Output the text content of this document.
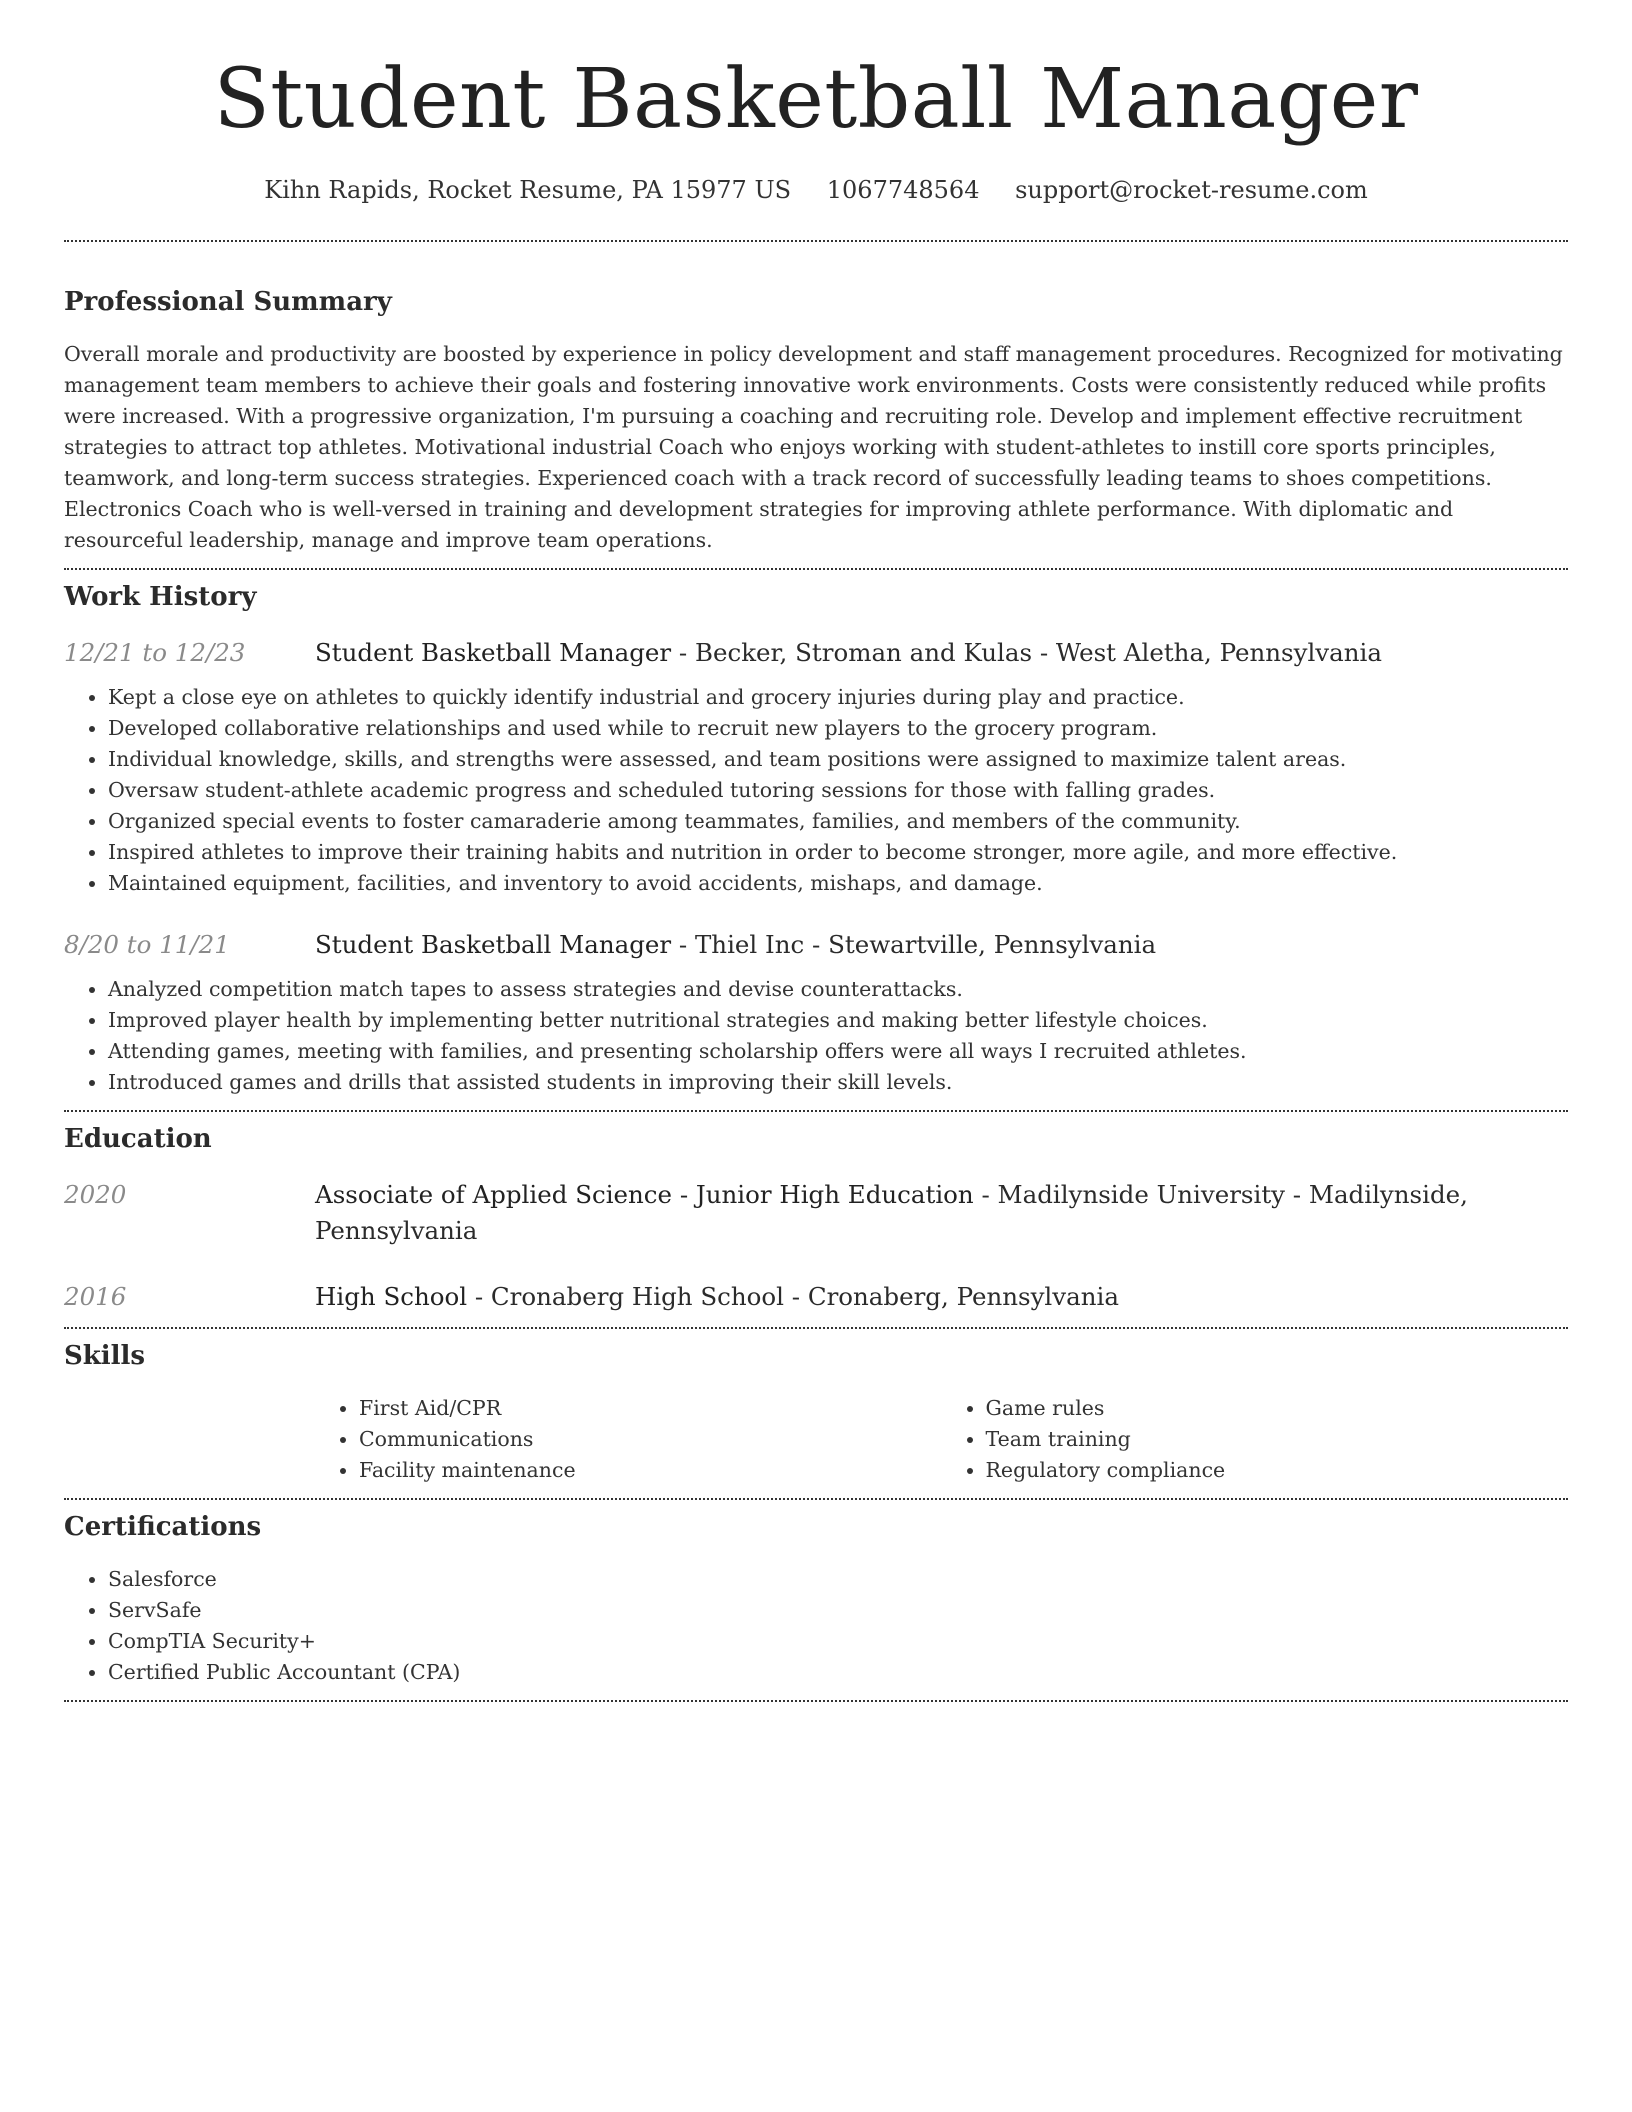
Student Basketball Manager
Kihn Rapids, Rocket Resume, PA 15977 US 1067748564 support@rocket-resume.com
Professional Summary

Overall morale and productivity are boosted by experience in policy development and staff management procedures. Recognized for motivating management team members to achieve their goals and fostering innovative work environments. Costs were consistently reduced while profits were increased. With a progressive organization, I'm pursuing a coaching and recruiting role. Develop and implement effective recruitment strategies to attract top athletes. Motivational industrial Coach who enjoys working with student-athletes to instill core sports principles, teamwork, and long-term success strategies. Experienced coach with a track record of successfully leading teams to shoes competitions. Electronics Coach who is well-versed in training and development strategies for improving athlete performance. With diplomatic and resourceful leadership, manage and improve team operations.

Work History
12/21 to 12/23	Student Basketball Manager - Becker, Stroman and Kulas - West Aletha, Pennsylvania
• Kept a close eye on athletes to quickly identify industrial and grocery injuries during play and practice.
• Developed collaborative relationships and used while to recruit new players to the grocery program.
• Individual knowledge, skills, and strengths were assessed, and team positions were assigned to maximize talent areas.
• Oversaw student-athlete academic progress and scheduled tutoring sessions for those with falling grades.
• Organized special events to foster camaraderie among teammates, families, and members of the community.
• Inspired athletes to improve their training habits and nutrition in order to become stronger, more agile, and more effective.
• Maintained equipment, facilities, and inventory to avoid accidents, mishaps, and damage.
8/20 to 11/21	Student Basketball Manager - Thiel Inc - Stewartville, Pennsylvania
• Analyzed competition match tapes to assess strategies and devise counterattacks.
• Improved player health by implementing better nutritional strategies and making better lifestyle choices.
• Attending games, meeting with families, and presenting scholarship offers were all ways I recruited athletes.
• Introduced games and drills that assisted students in improving their skill levels.
Education
2020	Associate of Applied Science - Junior High Education - Madilynside University - Madilynside, Pennsylvania
2016	High School - Cronaberg High School - Cronaberg, Pennsylvania
Skills
• First Aid/CPR
• Communications
• Facility maintenance
• Game rules
• Team training
• Regulatory compliance
Certifications
• Salesforce
• ServSafe
• CompTIA Security+
• Certified Public Accountant (CPA)
